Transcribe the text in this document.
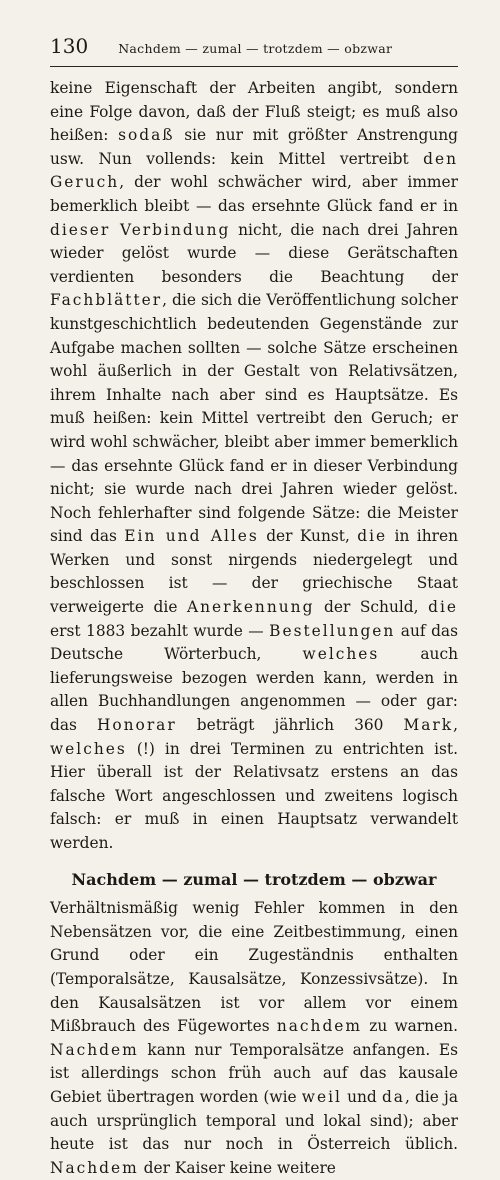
130 Nachdem — zumal — trotzdem — obzwar

keine Eigenschaft der Arbeiten angibt, sondern eine Folge davon, daß der Fluß steigt; es muß also heißen: sodaß sie nur mit größter Anstrengung usw. Nun vollends: kein Mittel vertreibt den Geruch, der wohl schwächer wird, aber immer bemerklich bleibt — das ersehnte Glück fand er in dieser Verbindung nicht, die nach drei Jahren wieder gelöst wurde — diese Gerätschaften verdienten besonders die Beachtung der Fachblätter, die sich die Veröffentlichung solcher kunstgeschichtlich bedeutenden Gegenstände zur Aufgabe machen sollten — solche Sätze erscheinen wohl äußerlich in der Gestalt von Relativsätzen, ihrem Inhalte nach aber sind es Hauptsätze. Es muß heißen: kein Mittel vertreibt den Geruch; er wird wohl schwächer, bleibt aber immer bemerklich — das ersehnte Glück fand er in dieser Verbindung nicht; sie wurde nach drei Jahren wieder gelöst. Noch fehlerhafter sind folgende Sätze: die Meister sind das Ein und Alles der Kunst, die in ihren Werken und sonst nirgends niedergelegt und beschlossen ist — der griechische Staat verweigerte die Anerkennung der Schuld, die erst 1883 bezahlt wurde — Bestellungen auf das Deutsche Wörterbuch, welches auch lieferungsweise bezogen werden kann, werden in allen Buchhandlungen angenommen — oder gar: das Honorar beträgt jährlich 360 Mark, welches (!) in drei Terminen zu entrichten ist. Hier überall ist der Relativsatz erstens an das falsche Wort angeschlossen und zweitens logisch falsch: er muß in einen Hauptsatz verwandelt werden.

Nachdem — zumal — trotzdem — obzwar

Verhältnismäßig wenig Fehler kommen in den Nebensätzen vor, die eine Zeitbestimmung, einen Grund oder ein Zugeständnis enthalten (Temporalsätze, Kausalsätze, Konzessivsätze). In den Kausalsätzen ist vor allem vor einem Mißbrauch des Fügewortes nachdem zu warnen. Nachdem kann nur Temporalsätze anfangen. Es ist allerdings schon früh auch auf das kausale Gebiet übertragen worden (wie weil und da, die ja auch ursprünglich temporal und lokal sind); aber heute ist das nur noch in Österreich üblich. Nachdem der Kaiser keine weitere
